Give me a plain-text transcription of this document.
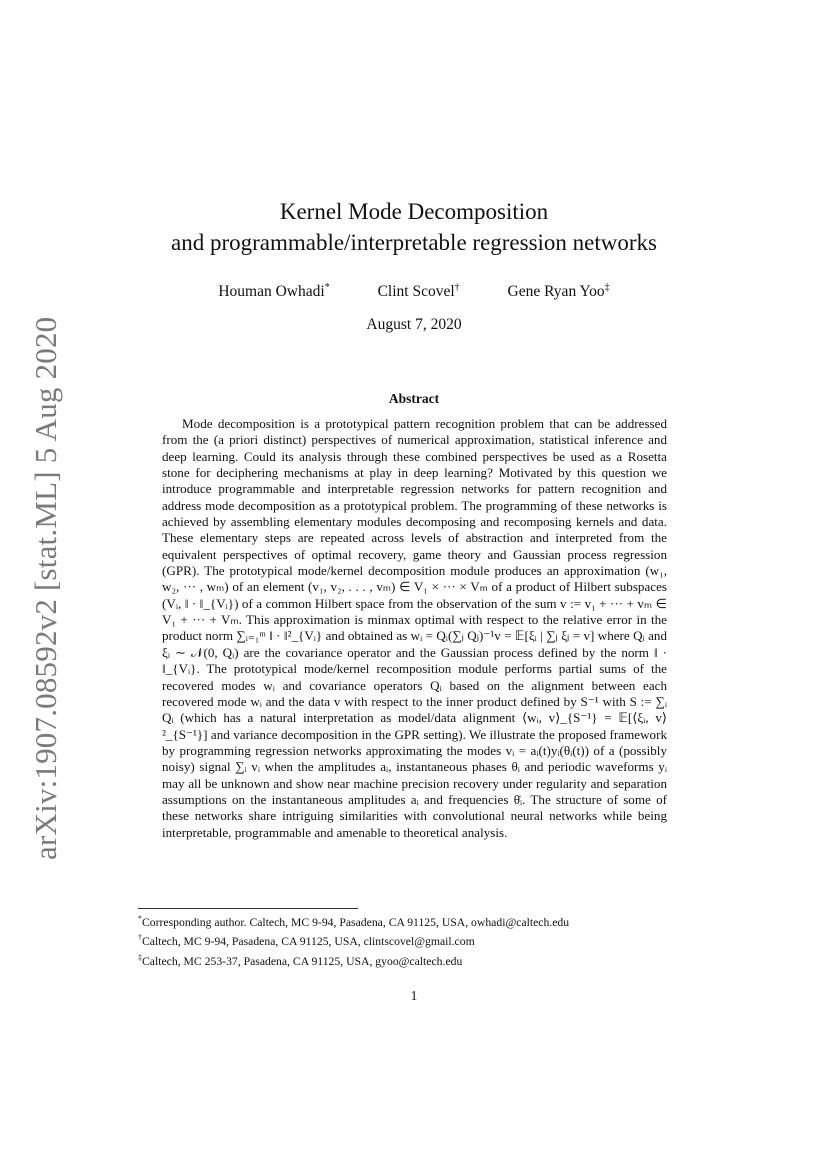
arXiv:1907.08592v2 [stat.ML] 5 Aug 2020
Kernel Mode Decomposition
and programmable/interpretable regression networks
Houman Owhadi*	Clint Scovel†	Gene Ryan Yoo‡
August 7, 2020
Abstract
Mode decomposition is a prototypical pattern recognition problem that can be addressed from the (a priori distinct) perspectives of numerical approximation, statistical inference and deep learning. Could its analysis through these combined perspectives be used as a Rosetta stone for deciphering mechanisms at play in deep learning? Motivated by this question we introduce programmable and interpretable regression networks for pattern recognition and address mode decomposition as a prototypical problem. The programming of these networks is achieved by assembling elementary modules decomposing and recomposing kernels and data. These elementary steps are repeated across levels of abstraction and interpreted from the equivalent perspectives of optimal recovery, game theory and Gaussian process regression (GPR). The prototypical mode/kernel decomposition module produces an approximation (w₁, w₂, ··· , wₘ) of an element (v₁, v₂, . . . , vₘ) ∈ V₁ × ··· × Vₘ of a product of Hilbert subspaces (Vᵢ, ‖ · ‖_{Vᵢ}) of a common Hilbert space from the observation of the sum v := v₁ + ··· + vₘ ∈ V₁ + ··· + Vₘ. This approximation is minmax optimal with respect to the relative error in the product norm ∑ᵢ₌₁ᵐ ‖ · ‖²_{Vᵢ} and obtained as wᵢ = Qᵢ(∑ⱼ Qⱼ)⁻¹v = 𝔼[ξᵢ | ∑ⱼ ξⱼ = v] where Qᵢ and ξᵢ ∼ 𝒩(0, Qᵢ) are the covariance operator and the Gaussian process defined by the norm ‖ · ‖_{Vᵢ}. The prototypical mode/kernel recomposition module performs partial sums of the recovered modes wᵢ and covariance operators Qᵢ based on the alignment between each recovered mode wᵢ and the data v with respect to the inner product defined by S⁻¹ with S := ∑ᵢ Qᵢ (which has a natural interpretation as model/data alignment ⟨wᵢ, v⟩_{S⁻¹} = 𝔼[⟨ξᵢ, v⟩²_{S⁻¹}] and variance decomposition in the GPR setting). We illustrate the proposed framework by programming regression networks approximating the modes vᵢ = aᵢ(t)yᵢ(θᵢ(t)) of a (possibly noisy) signal ∑ᵢ vᵢ when the amplitudes aᵢ, instantaneous phases θᵢ and periodic waveforms yᵢ may all be unknown and show near machine precision recovery under regularity and separation assumptions on the instantaneous amplitudes aᵢ and frequencies θ̇ᵢ. The structure of some of these networks share intriguing similarities with convolutional neural networks while being interpretable, programmable and amenable to theoretical analysis.
*Corresponding author. Caltech, MC 9-94, Pasadena, CA 91125, USA, owhadi@caltech.edu
†Caltech, MC 9-94, Pasadena, CA 91125, USA, clintscovel@gmail.com
‡Caltech, MC 253-37, Pasadena, CA 91125, USA, gyoo@caltech.edu
1
